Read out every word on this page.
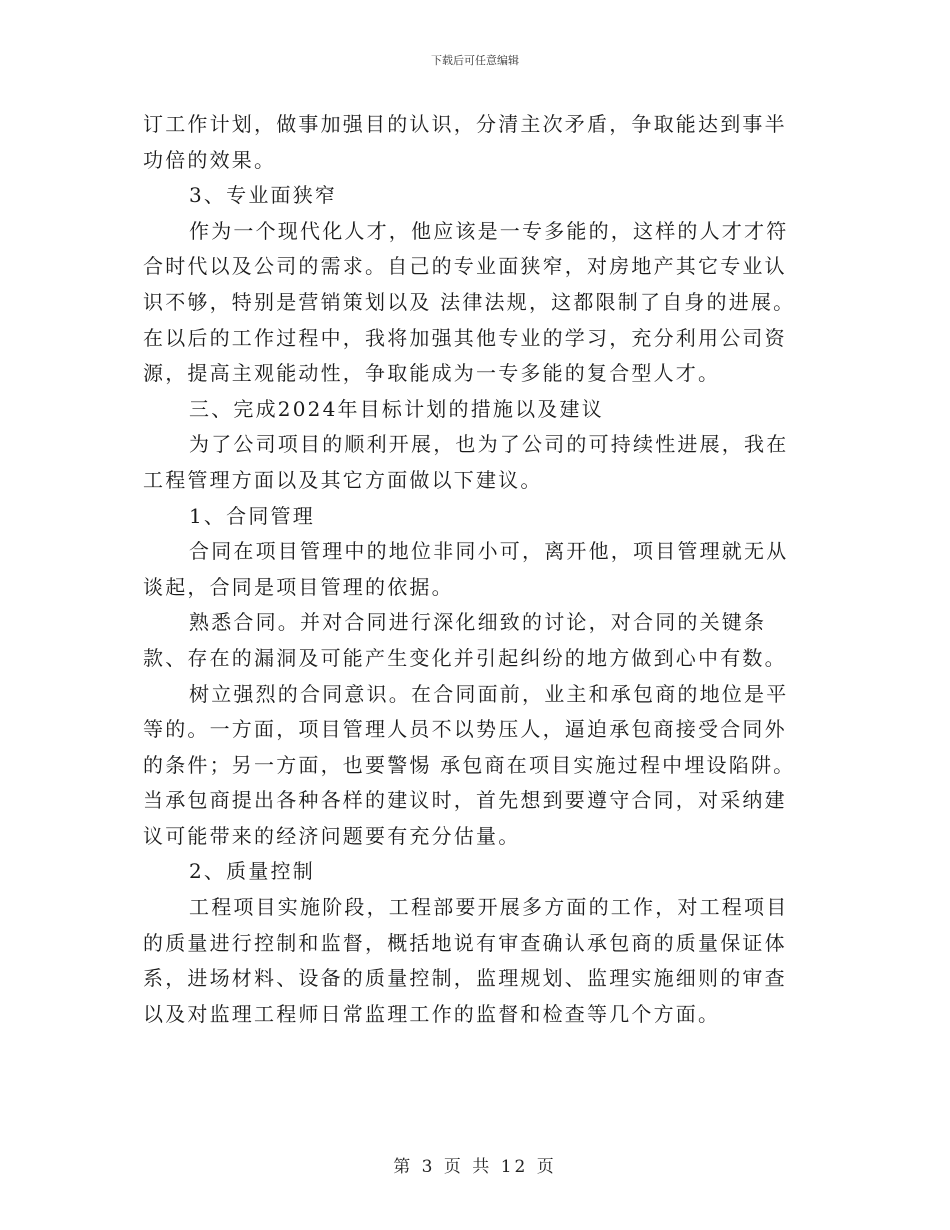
下载后可任意编辑

订工作计划，做事加强目的认识，分清主次矛盾，争取能达到事半功倍的效果。

3、专业面狭窄

作为一个现代化人才，他应该是一专多能的，这样的人才才符合时代以及公司的需求。自己的专业面狭窄，对房地产其它专业认识不够，特别是营销策划以及 法律法规，这都限制了自身的进展。在以后的工作过程中，我将加强其他专业的学习，充分利用公司资源，提高主观能动性，争取能成为一专多能的复合型人才。

三、完成2024年目标计划的措施以及建议

为了公司项目的顺利开展，也为了公司的可持续性进展，我在工程管理方面以及其它方面做以下建议。

1、合同管理

合同在项目管理中的地位非同小可，离开他，项目管理就无从谈起，合同是项目管理的依据。

熟悉合同。并对合同进行深化细致的讨论，对合同的关键条款、存在的漏洞及可能产生变化并引起纠纷的地方做到心中有数。

树立强烈的合同意识。在合同面前，业主和承包商的地位是平等的。一方面，项目管理人员不以势压人，逼迫承包商接受合同外的条件；另一方面，也要警惕 承包商在项目实施过程中埋设陷阱。当承包商提出各种各样的建议时，首先想到要遵守合同，对采纳建议可能带来的经济问题要有充分估量。

2、质量控制

工程项目实施阶段，工程部要开展多方面的工作，对工程项目的质量进行控制和监督，概括地说有审查确认承包商的质量保证体系，进场材料、设备的质量控制，监理规划、监理实施细则的审查以及对监理工程师日常监理工作的监督和检查等几个方面。

第 3 页 共 12 页
